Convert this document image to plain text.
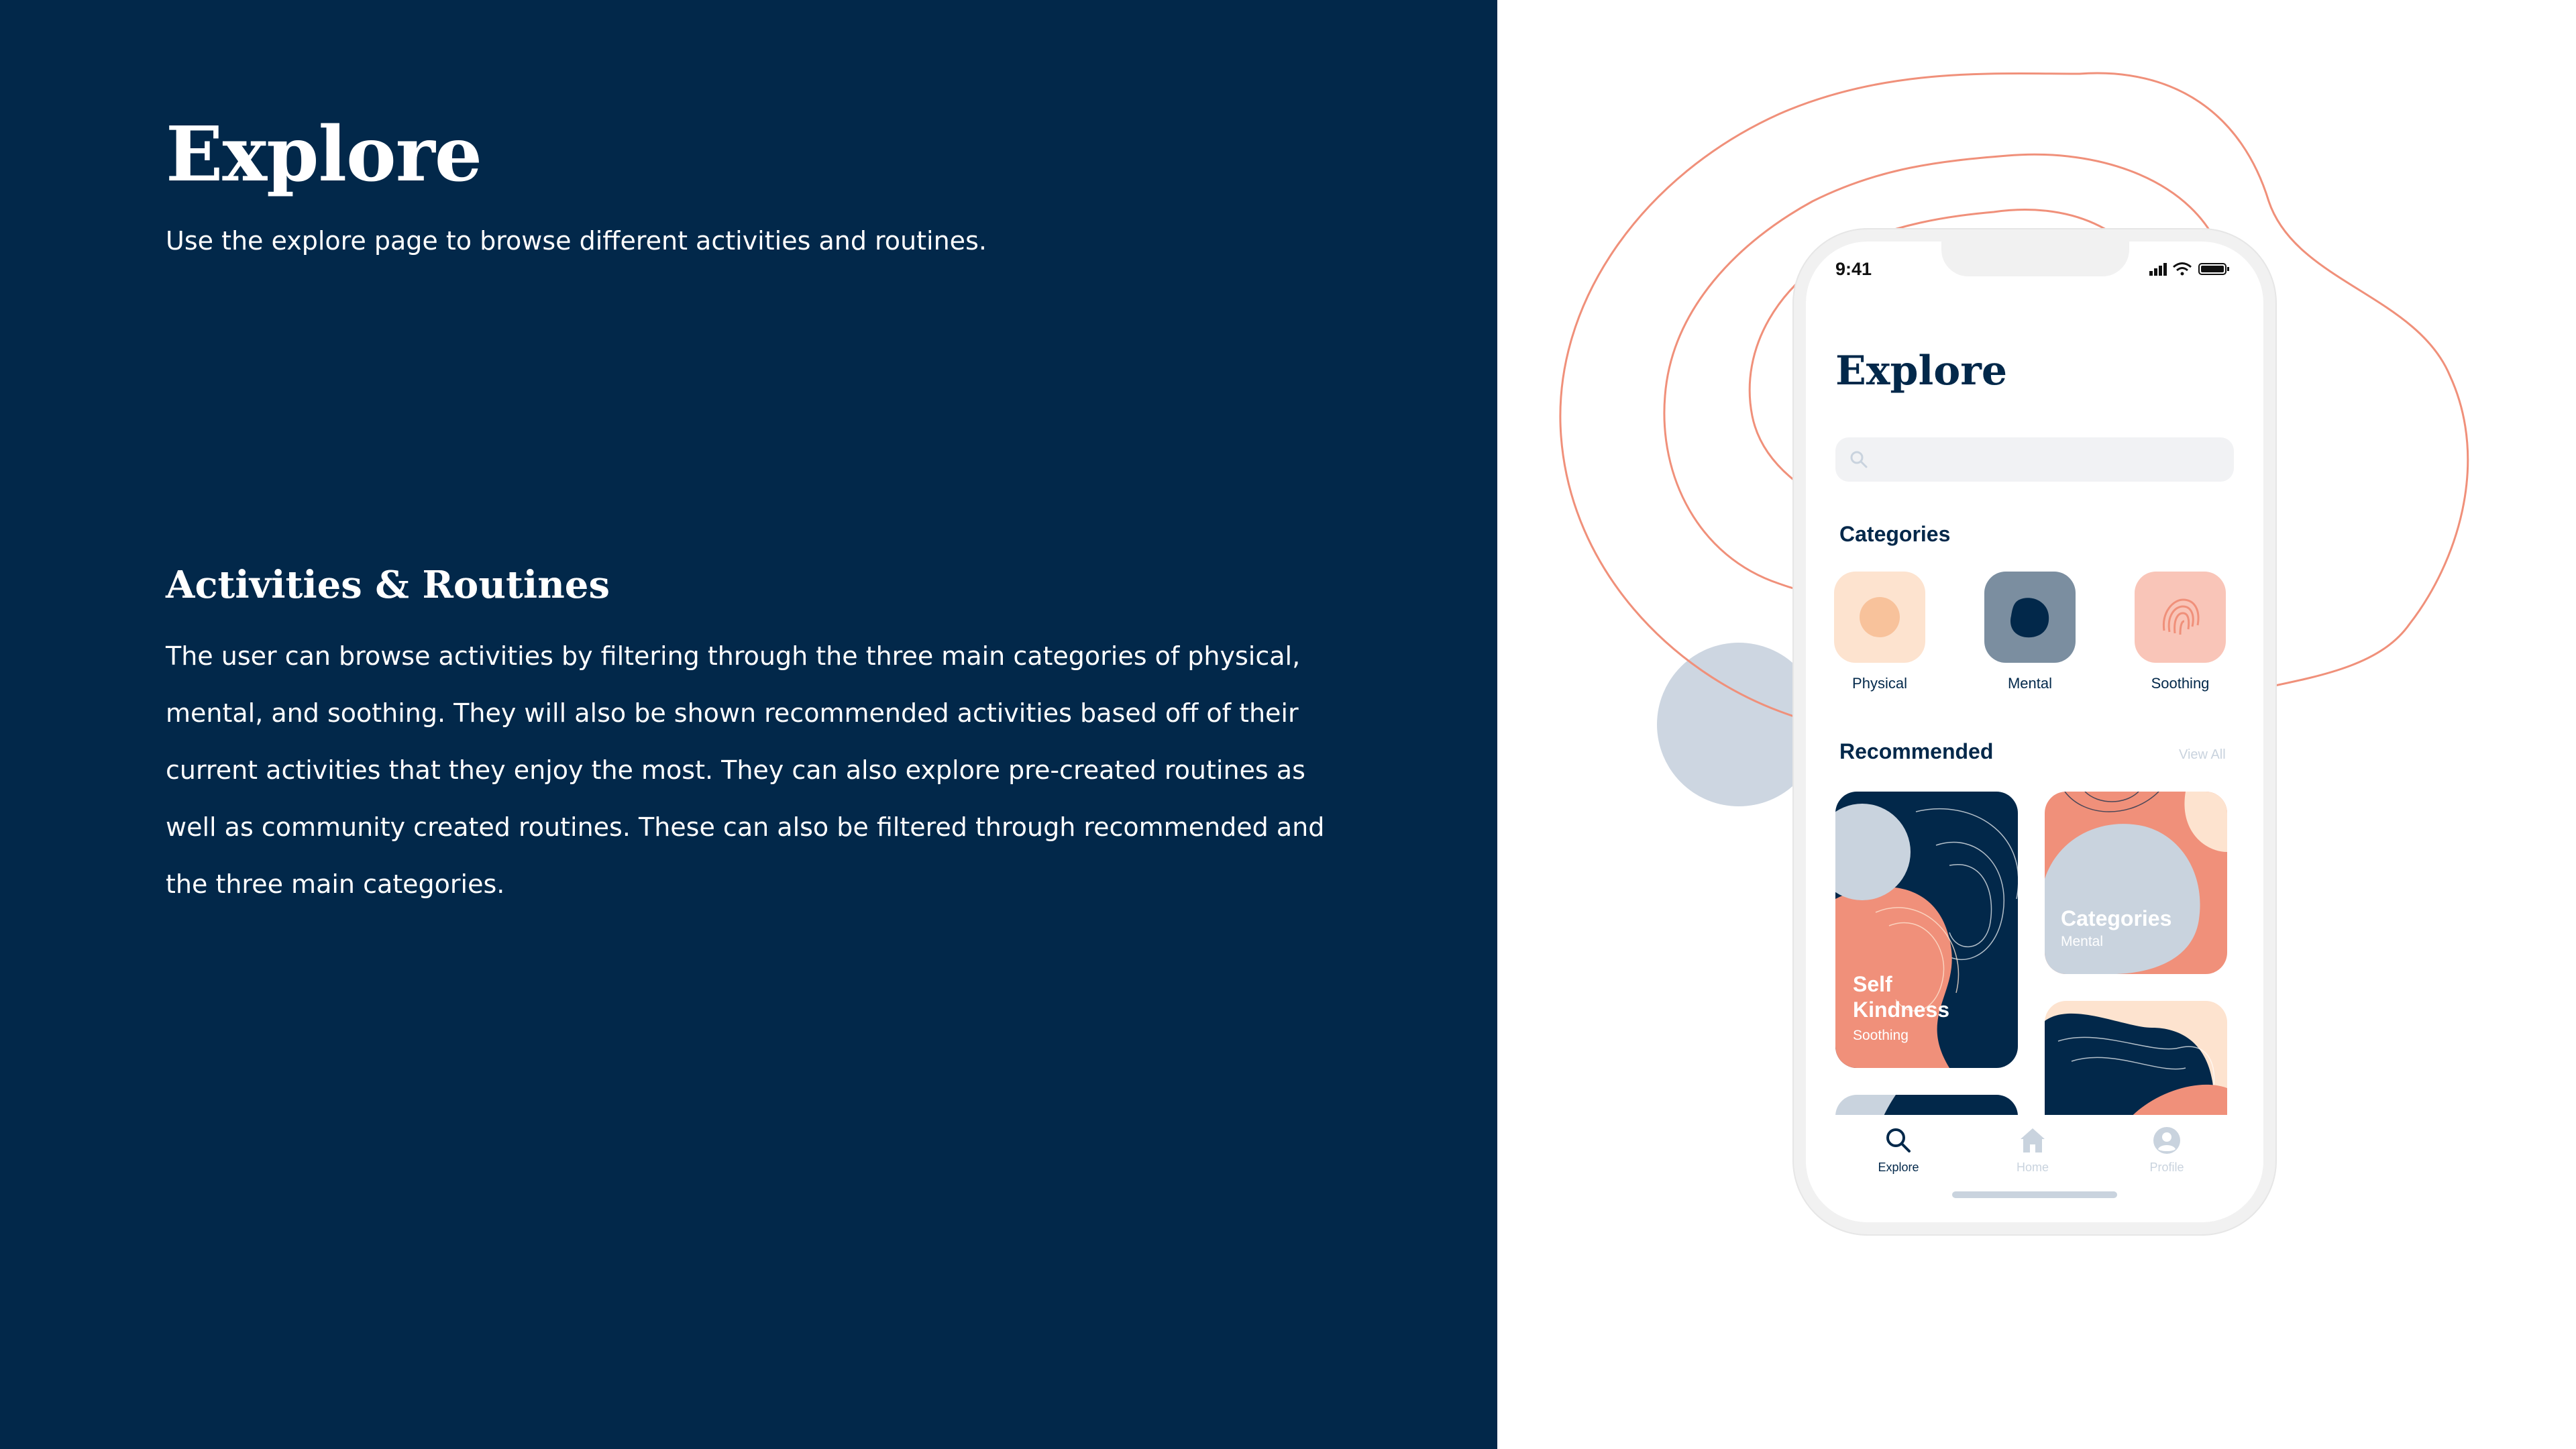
Explore

Use the explore page to browse different activities and routines.

Activities & Routines

The user can browse activities by filtering through the three main categories of physical, mental, and soothing. They will also be shown recommended activities based off of their current activities that they enjoy the most. They can also explore pre-created routines as well as community created routines. These can also be filtered through recommended and the three main categories.

9:41
Explore
Categories
Physical	Mental	Soothing
Recommended	View All
Self
Kindness
Soothing
Categories
Mental
Explore	Home	Profile
